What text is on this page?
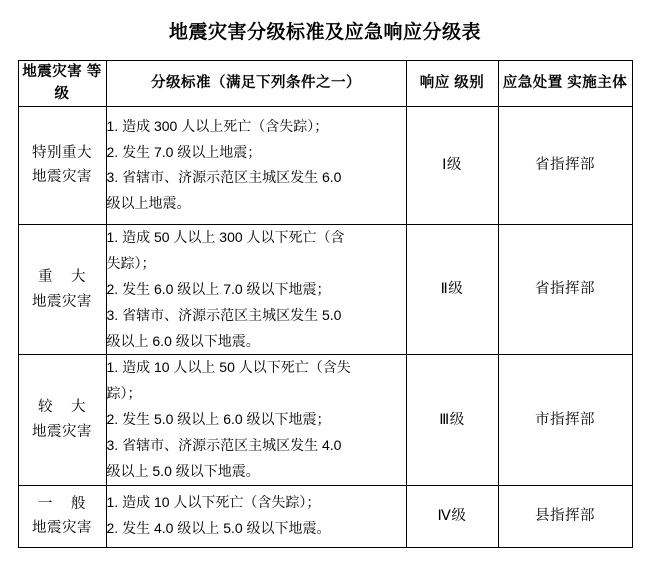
地震灾害分级标准及应急响应分级表
地震灾害 等　　级	分级标准（满足下列条件之一）	响应 级别	应急处置 实施主体

特别重大
地震灾害	1. 造成 300 人以上死亡（含失踪）；
2. 发生 7.0 级以上地震；
3. 省辖市、济源示范区主城区发生 6.0
级以上地震。	Ⅰ级	省指挥部

重    大
地震灾害	1. 造成 50 人以上 300 人以下死亡（含
失踪）；
2. 发生 6.0 级以上 7.0 级以下地震；
3. 省辖市、济源示范区主城区发生 5.0
级以上 6.0 级以下地震。	Ⅱ级	省指挥部

较    大
地震灾害	1. 造成 10 人以上 50 人以下死亡（含失
踪）；
2. 发生 5.0 级以上 6.0 级以下地震；
3. 省辖市、济源示范区主城区发生 4.0
级以上 5.0 级以下地震。	Ⅲ级	市指挥部

一    般
地震灾害	1. 造成 10 人以下死亡（含失踪）；
2. 发生 4.0 级以上 5.0 级以下地震。	Ⅳ级	县指挥部
